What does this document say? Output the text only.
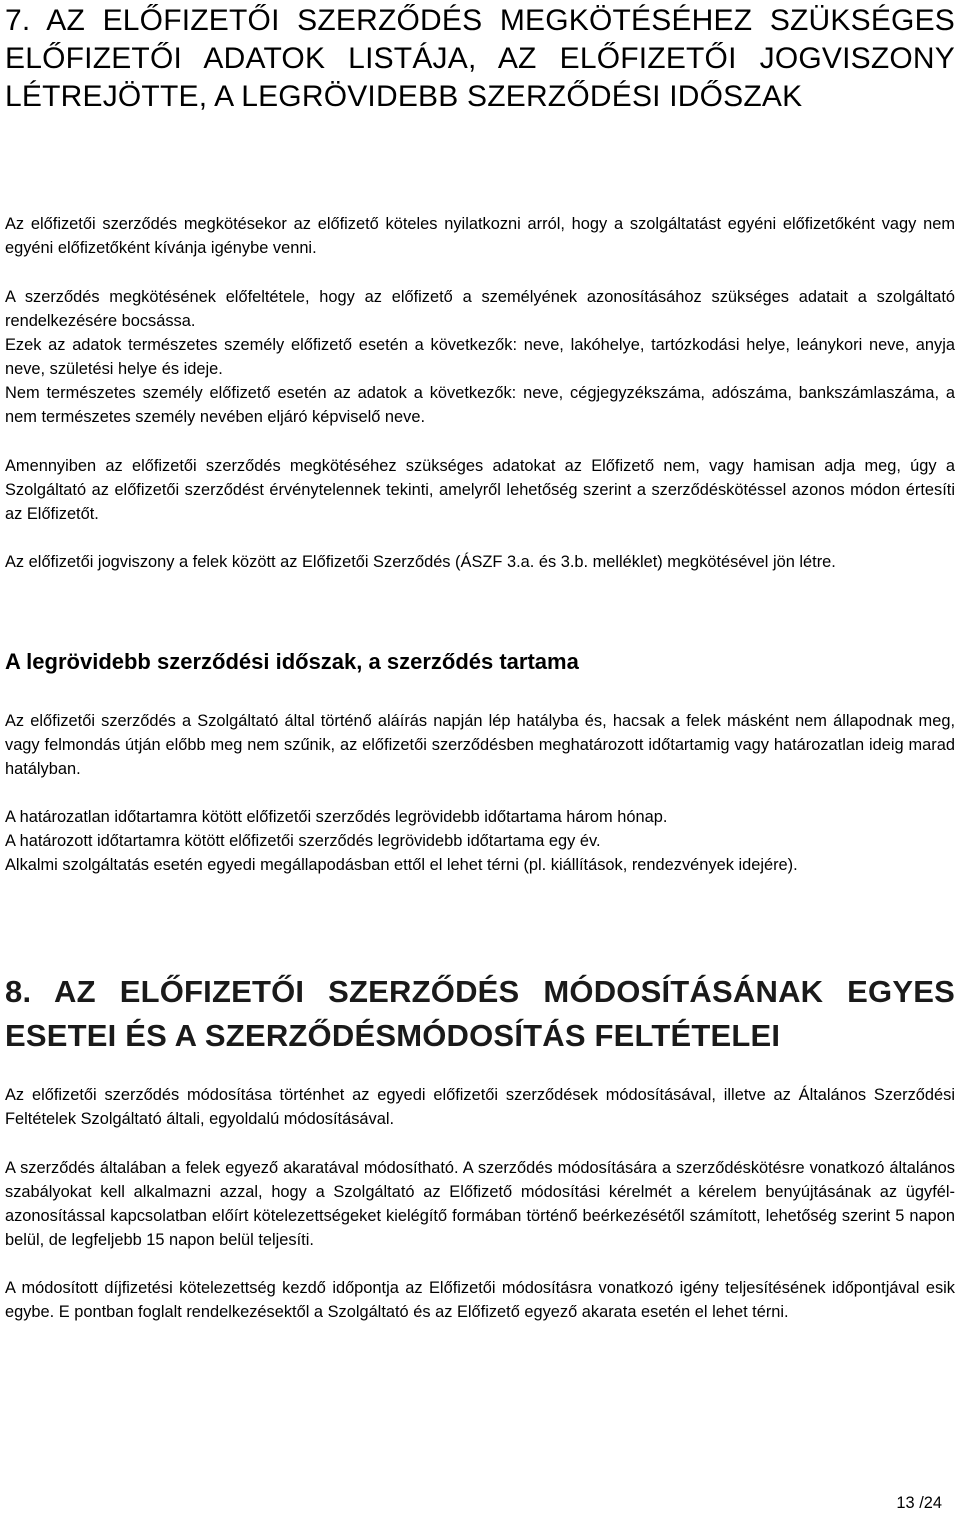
7. AZ ELŐFIZETŐI SZERZŐDÉS MEGKÖTÉSÉHEZ SZÜKSÉGES ELŐFIZETŐI ADATOK LISTÁJA, AZ ELŐFIZETŐI JOGVISZONY LÉTREJÖTTE, A LEGRÖVIDEBB SZERZŐDÉSI IDŐSZAK

Az előfizetői szerződés megkötésekor az előfizető köteles nyilatkozni arról, hogy a szolgáltatást egyéni előfizetőként vagy nem egyéni előfizetőként kívánja igénybe venni.

A szerződés megkötésének előfeltétele, hogy az előfizető a személyének azonosításához szükséges adatait a szolgáltató rendelkezésére bocsássa.

Ezek az adatok természetes személy előfizető esetén a következők: neve, lakóhelye, tartózkodási helye, leánykori neve, anyja neve, születési helye és ideje.

Nem természetes személy előfizető esetén az adatok a következők: neve, cégjegyzékszáma, adószáma, bankszámlaszáma, a nem természetes személy nevében eljáró képviselő neve.

Amennyiben az előfizetői szerződés megkötéséhez szükséges adatokat az Előfizető nem, vagy hamisan adja meg, úgy a Szolgáltató az előfizetői szerződést érvénytelennek tekinti, amelyről lehetőség szerint a szerződéskötéssel azonos módon értesíti az Előfizetőt.

Az előfizetői jogviszony a felek között az Előfizetői Szerződés (ÁSZF 3.a. és 3.b. melléklet) megkötésével jön létre.

A legrövidebb szerződési időszak, a szerződés tartama

Az előfizetői szerződés a Szolgáltató által történő aláírás napján lép hatályba és, hacsak a felek másként nem állapodnak meg, vagy felmondás útján előbb meg nem szűnik, az előfizetői szerződésben meghatározott időtartamig vagy határozatlan ideig marad hatályban.

A határozatlan időtartamra kötött előfizetői szerződés legrövidebb időtartama három hónap.

A határozott időtartamra kötött előfizetői szerződés legrövidebb időtartama egy év.

Alkalmi szolgáltatás esetén egyedi megállapodásban ettől el lehet térni (pl. kiállítások, rendezvények idejére).

8. AZ ELŐFIZETŐI SZERZŐDÉS MÓDOSÍTÁSÁNAK EGYES ESETEI ÉS A SZERZŐDÉSMÓDOSÍTÁS FELTÉTELEI

Az előfizetői szerződés módosítása történhet az egyedi előfizetői szerződések módosításával, illetve az Általános Szerződési Feltételek Szolgáltató általi, egyoldalú módosításával.

A szerződés általában a felek egyező akaratával módosítható. A szerződés módosítására a szerződéskötésre vonatkozó általános szabályokat kell alkalmazni azzal, hogy a Szolgáltató az Előfizető módosítási kérelmét a kérelem benyújtásának az ügyfél-azonosítással kapcsolatban előírt kötelezettségeket kielégítő formában történő beérkezésétől számított, lehetőség szerint 5 napon belül, de legfeljebb 15 napon belül teljesíti.

A módosított díjfizetési kötelezettség kezdő időpontja az Előfizetői módosításra vonatkozó igény teljesítésének időpontjával esik egybe. E pontban foglalt rendelkezésektől a Szolgáltató és az Előfizető egyező akarata esetén el lehet térni.

13 /24
